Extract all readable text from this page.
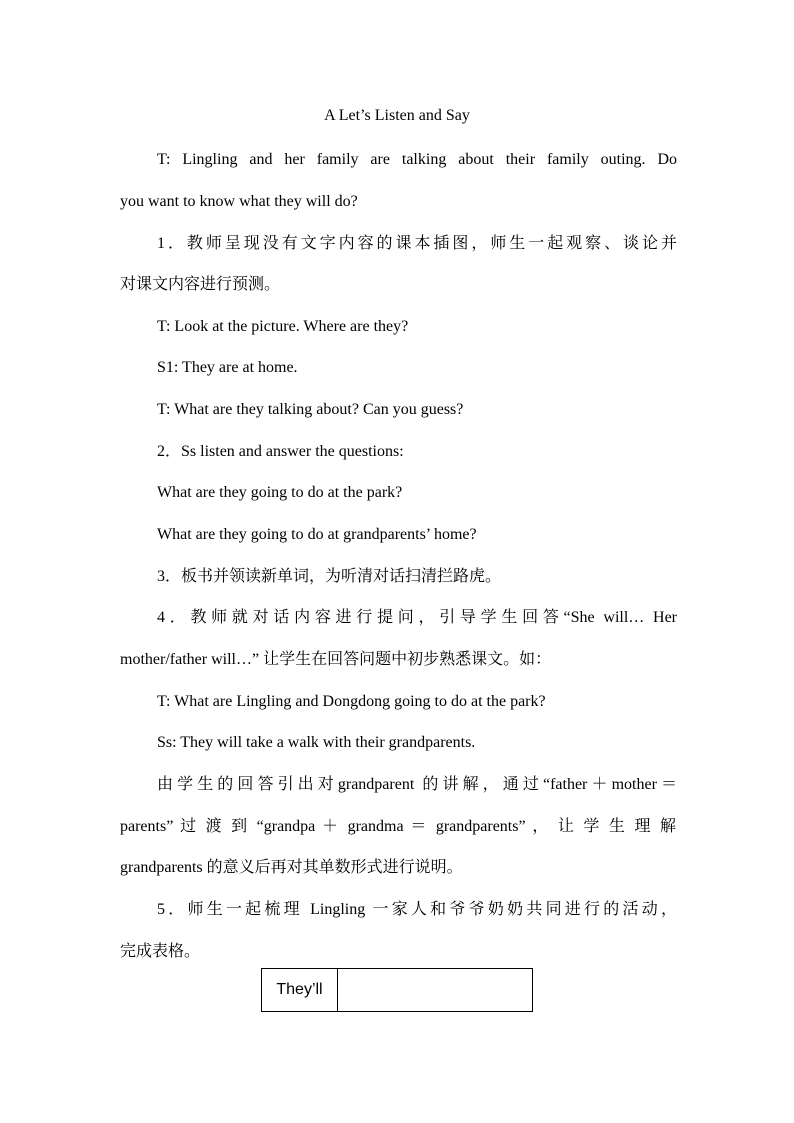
A Let’s Listen and Say

T: Lingling and her family are talking about their family outing. Do

you want to know what they will do?

1．教师呈现没有文字内容的课本插图，师生一起观察、谈论并

对课文内容进行预测。

T: Look at the picture. Where are they?

S1: They are at home.

T: What are they talking about? Can you guess?

2．Ss listen and answer the questions:

What are they going to do at the park?

What are they going to do at grandparents’ home?

3．板书并领读新单词，为听清对话扫清拦路虎。

4．教师就对话内容进行提问，引导学生回答“She will… Her

mother/father will…” 让学生在回答问题中初步熟悉课文。如：

T: What are Lingling and Dongdong going to do at the park?

Ss: They will take a walk with their grandparents.

由学生的回答引出对grandparent 的讲解，通过“father＋mother＝

parents” 过 渡 到 “grandpa ＋ grandma ＝ grandparents” ， 让 学 生 理 解

grandparents 的意义后再对其单数形式进行说明。

5．师生一起梳理 Lingling 一家人和爷爷奶奶共同进行的活动，

完成表格。

They’ll
